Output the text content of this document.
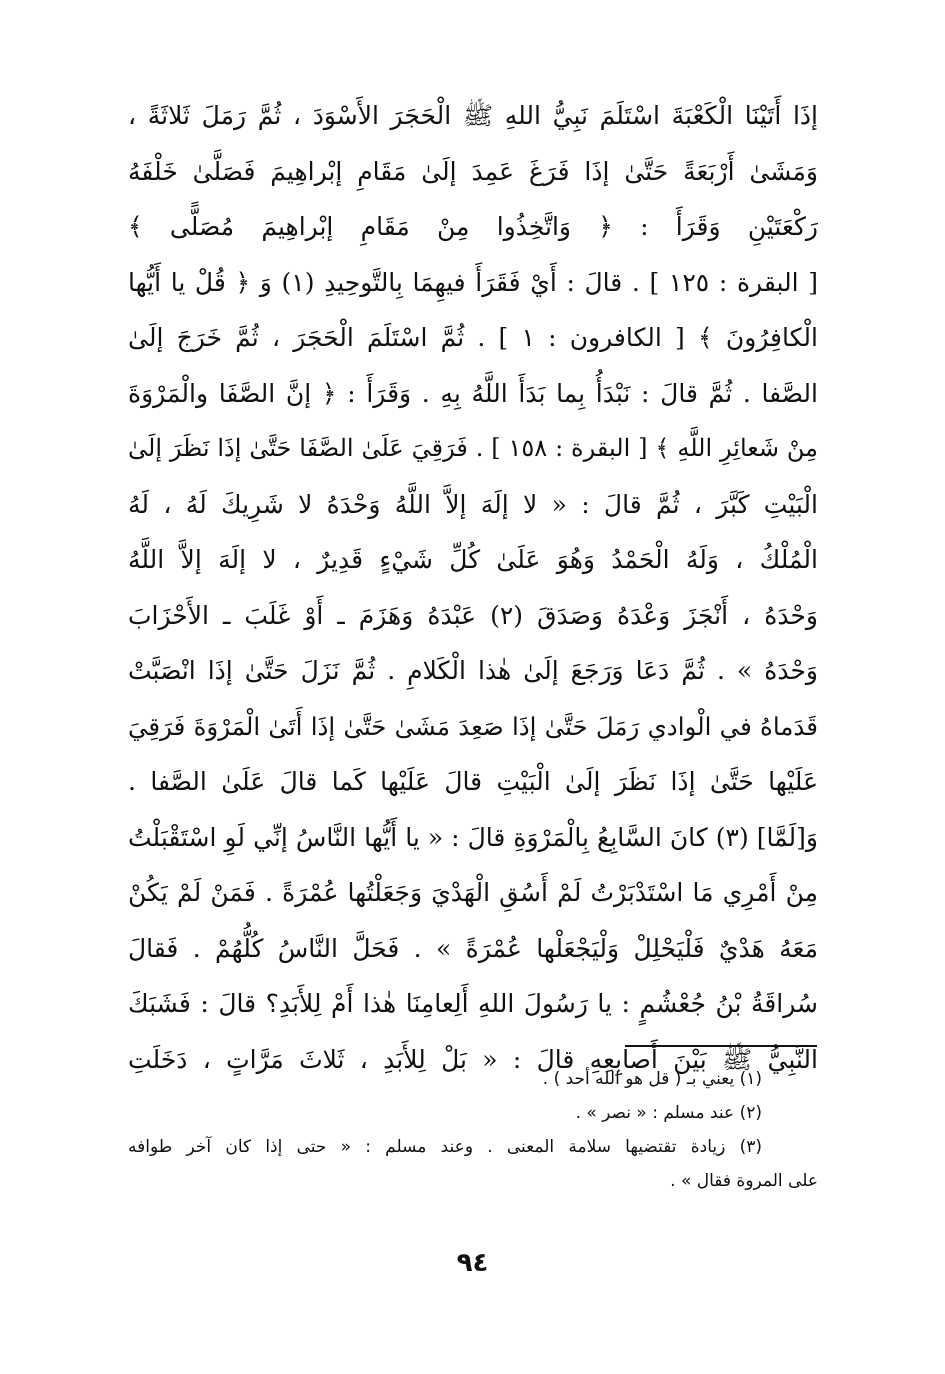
إذَا أَتَيْنَا الْكَعْبَةَ اسْتَلَمَ نَبِيُّ اللهِ ﷺ الْحَجَرَ الأَسْوَدَ ، ثُمَّ رَمَلَ ثَلاثَةً ،
وَمَشَىٰ أَرْبَعَةً حَتَّىٰ إذَا فَرَغَ عَمِدَ إلَىٰ مَقَامِ إبْراهِيمَ فَصَلَّىٰ خَلْفَهُ
رَكْعَتَيْنِ وَقَرَأَ : ﴿ وَاتَّخِذُوا مِنْ مَقَامِ إبْراهِيمَ مُصَلًّى ﴾
[ البقرة : ١٢٥ ] . قالَ : أَيْ فَقَرَأَ فيهِمَا بِالتَّوحِيدِ (١) وَ ﴿ قُلْ يا أَيُّها
الْكافِرُونَ ﴾ [ الكافرون : ١ ] . ثُمَّ اسْتَلَمَ الْحَجَرَ ، ثُمَّ خَرَجَ إلَىٰ
الصَّفا . ثُمَّ قالَ : نَبْدَأُ بِما بَدَأَ اللَّهُ بِهِ . وَقَرَأَ : ﴿ إنَّ الصَّفَا والْمَرْوَةَ
مِنْ شَعائِرِ اللَّهِ ﴾ [ البقرة : ١٥٨ ] . فَرَقِيَ عَلَىٰ الصَّفَا حَتَّىٰ إذَا نَظَرَ إلَىٰ
الْبَيْتِ كَبَّرَ ، ثُمَّ قالَ : « لا إلَهَ إلاَّ اللَّهُ وَحْدَهُ لا شَرِيكَ لَهُ ، لَهُ
الْمُلْكُ ، وَلَهُ الْحَمْدُ وَهُوَ عَلَىٰ كُلِّ شَيْءٍ قَدِيرٌ ، لا إلَهَ إلاَّ اللَّهُ
وَحْدَهُ ، أَنْجَزَ وَعْدَهُ وَصَدَقَ (٢) عَبْدَهُ وَهَزَمَ ـ أَوْ غَلَبَ ـ الأَحْزَابَ
وَحْدَهُ » . ثُمَّ دَعَا وَرَجَعَ إلَىٰ هٰذا الْكَلامِ . ثُمَّ نَزَلَ حَتَّىٰ إذَا انْصَبَّتْ
قَدَماهُ في الْوادي رَمَلَ حَتَّىٰ إذَا صَعِدَ مَشَىٰ حَتَّىٰ إذَا أَتَىٰ الْمَرْوَةَ فَرَقِيَ
عَلَيْها حَتَّىٰ إذَا نَظَرَ إلَىٰ الْبَيْتِ قالَ عَلَيْها كَما قالَ عَلَىٰ الصَّفا .
وَ[لَمَّا] (٣) كانَ السَّابِعُ بِالْمَرْوَةِ قالَ : « يا أَيُّها النَّاسُ إنِّي لَوِ اسْتَقْبَلْتُ
مِنْ أَمْرِي مَا اسْتَدْبَرْتُ لَمْ أَسُقِ الْهَدْيَ وَجَعَلْتُها عُمْرَةً . فَمَنْ لَمْ يَكُنْ
مَعَهُ هَدْيٌ فَلْيَحْلِلْ وَلْيَجْعَلْها عُمْرَةً » . فَحَلَّ النَّاسُ كُلُّهُمْ . فَقالَ
سُراقَةُ بْنُ جُعْشُمٍ : يا رَسُولَ اللهِ أَلِعامِنَا هٰذا أَمْ لِلأَبَدِ؟ قالَ : فَشَبَكَ
النَّبِيُّ ﷺ بَيْنَ أَصابِعِهِ قالَ : « بَلْ لِلأَبَدِ ، ثَلاثَ مَرَّاتٍ ، دَخَلَتِ
(١) يعني بـ ( قل هو الله أحد ) .
(٢) عند مسلم : « نصر » .
(٣) زيادة تقتضيها سلامة المعنى . وعند مسلم : « حتى إذا كان آخر طوافه
على المروة فقال » .
٩٤
